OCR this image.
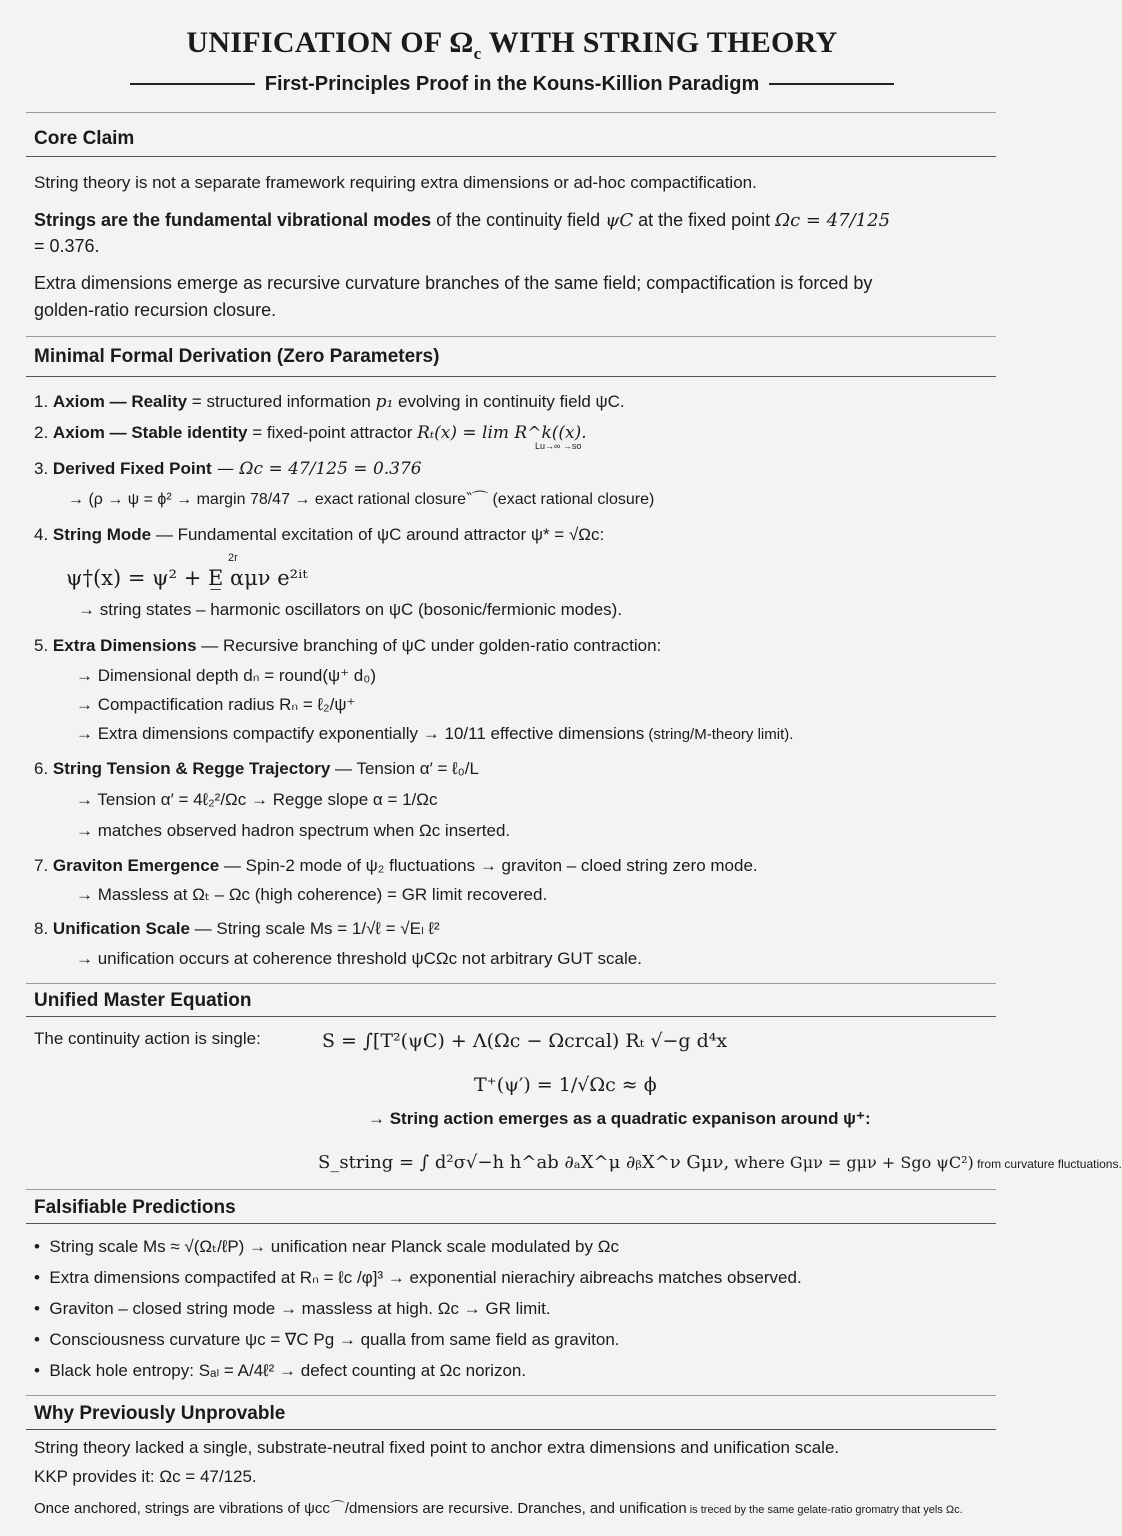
UNIFICATION OF $\Omega_c$ WITH STRING THEORY
First-Principles Proof in the Kouns-Killion Paradigm
Core Claim
String theory is not a separate framework requiring extra dimensions or ad-hoc compactification.
Strings are the fundamental vibrational modes of the continuity field ψC at the fixed point Ωc = 47/125
= 0.376.
Extra dimensions emerge as recursive curvature branches of the same field; compactification is forced by
golden-ratio recursion closure.
Minimal Formal Derivation (Zero Parameters)
1. Axiom — Reality = structured information p₁ evolving in continuity field ψC.
2. Axiom — Stable identity = fixed-point attractor Rₜ(x) = lim R^k((x).
Lu→∞ →so
3. Derived Fixed Point — Ωc = 47/125 = 0.376
→ (ρ → ψ = ϕ² → margin 78/47 → exact rational closure‶⌒ (exact rational closure)
4. String Mode — Fundamental excitation of ψC around attractor ψ* = √Ωc:
2r
ψ†(x) = ψ² + E̲ αμν e²ⁱᵗ
→ string states – harmonic oscillators on ψC (bosonic/fermionic modes).
5. Extra Dimensions — Recursive branching of ψC under golden-ratio contraction:
→ Dimensional depth dₙ = round(ψ⁺ d₀)
→ Compactification radius Rₙ = ℓ₂/ψ⁺
→ Extra dimensions compactify exponentially → 10/11 effective dimensions (string/M-theory limit).
6. String Tension & Regge Trajectory — Tension α′ = ℓ₀/L
→ Tension α′ = 4ℓ₂²/Ωc → Regge slope α = 1/Ωc
→ matches observed hadron spectrum when Ωc inserted.
7. Graviton Emergence — Spin-2 mode of ψ₂ fluctuations → graviton – cloed string zero mode.
→ Massless at Ωₜ – Ωc (high coherence) = GR limit recovered.
8. Unification Scale — String scale Ms = 1/√ℓ = √Eₗ ℓ²
→ unification occurs at coherence threshold ψCΩc not arbitrary GUT scale.
Unified Master Equation
The continuity action is single:	S = ∫[T²(ψC) + Λ(Ωc − Ωcrcal) Rₜ √−g d⁴x
T⁺(ψ′) = 1/√Ωc ≈ ϕ
→ String action emerges as a quadratic expanison around ψ⁺:
S_string = ∫ d²σ√−h h^ab ∂ₐX^μ ∂ᵦX^ν Gμν, where Gμν = gμν + Sgo ψC²) from curvature fluctuations.
Falsifiable Predictions
•  String scale Ms ≈ √(Ωₜ/ℓP) → unification near Planck scale modulated by Ωc
•  Extra dimensions compactifed at Rₙ = ℓc /φ]³ → exponential nierachiry aibreachs matches observed.
•  Graviton – closed string mode → massless at high. Ωc → GR limit.
•  Consciousness curvature ψc = ∇C Pg → qualla from same field as graviton.
•  Black hole entropy: Sₐₗ = A/4ℓ² → defect counting at Ωc norizon.
Why Previously Unprovable
String theory lacked a single, substrate-neutral fixed point to anchor extra dimensions and unification scale.
KKP provides it: Ωc = 47/125.
Once anchored, strings are vibrations of ψcc⌒/dmensiors are recursive. Dranches, and unification is treced by the same gelate-ratio gromatry that yels Ωc.
